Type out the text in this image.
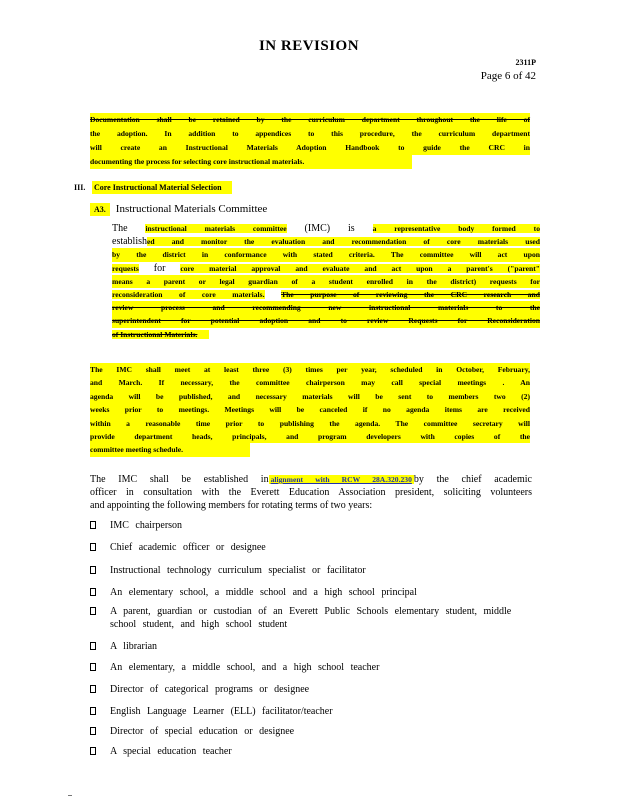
IN REVISION
2311P
Page 6 of 42
Documentation shall be retained by the curriculum department throughout the life of
the adoption. In addition to appendices to this procedure, the curriculum department
will create an Instructional Materials Adoption Handbook to guide the CRC in
documenting the process for selecting core instructional materials.
III. Core Instructional Material Selection
A3. Instructional Materials Committee
The instructional materials committee (IMC) is a representative body formed to
established and monitor the evaluation and recommendation of core materials used
by the district in conformance with stated criteria. The committee will act upon
requests for core material approval and evaluate and act upon a parent's ("parent"
means a parent or legal guardian of a student enrolled in the district) requests for
reconsideration of core materials. The purpose of reviewing the CRC research and
review process and recommending new instructional materials to the
superintendent for potential adoption and to review Requests for Reconsideration
of Instructional Materials.
The IMC shall meet at least three (3) times per year, scheduled in October, February,
and March. If necessary, the committee chairperson may call special meetings . An
agenda will be published, and necessary materials will be sent to members two (2)
weeks prior to meetings. Meetings will be canceled if no agenda items are received
within a reasonable time prior to publishing the agenda. The committee secretary will
provide department heads, principals, and program developers with copies of the
committee meeting schedule.
The IMC shall be established in alignment with RCW 28A.320.230 by the chief academic
officer in consultation with the Everett Education Association president, soliciting volunteers
and appointing the following members for rotating terms of two years:
IMC chairperson
Chief academic officer or designee
Instructional technology curriculum specialist or facilitator
An elementary school, a middle school and a high school principal
A parent, guardian or custodian of an Everett Public Schools elementary student, middle school student, and high school student
A librarian
An elementary, a middle school, and a high school teacher
Director of categorical programs or designee
English Language Learner (ELL) facilitator/teacher
Director of special education or designee
A special education teacher
